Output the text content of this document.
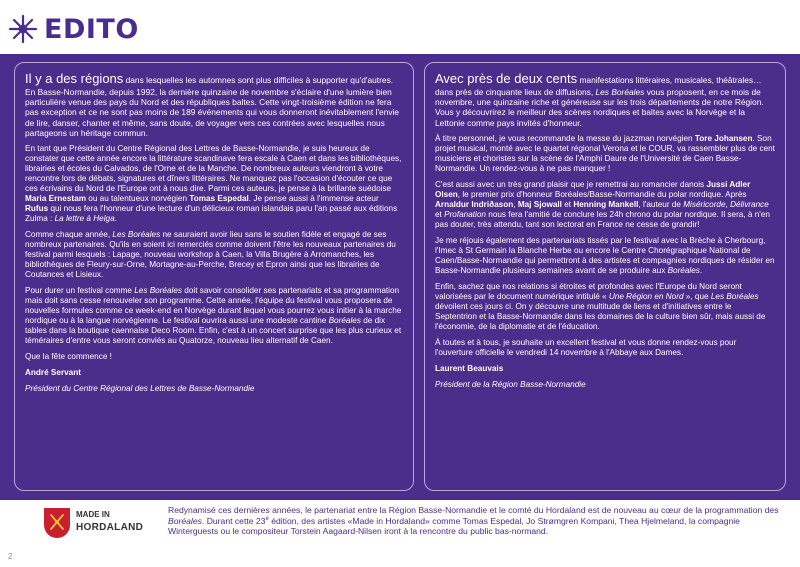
EDITO

Il y a des régions dans lesquelles les automnes sont plus difficiles à supporter qu'd'autres. En Basse-Normandie, depuis 1992, la dernière quinzaine de novembre s'éclaire d'une lumière bien particulière venue des pays du Nord et des républiques baltes. Cette vingt-troisième édition ne fera pas exception et ce ne sont pas moins de 189 événements qui vous donneront inévitablement l'envie de lire, danser, chanter et même, sans doute, de voyager vers ces contrées avec lesquelles nous partageons un héritage commun.

En tant que Président du Centre Régional des Lettres de Basse-Normandie, je suis heureux de constater que cette année encore la littérature scandinave fera escale à Caen et dans les bibliothèques, librairies et écoles du Calvados, de l'Orne et de la Manche. De nombreux auteurs viendront à votre rencontre lors de débats, signatures et dîners littéraires. Ne manquez pas l'occasion d'écouter ce que ces écrivains du Nord de l'Europe ont à nous dire. Parmi ces auteurs, je pense à la brillante suédoise Maria Ernestam ou au talentueux norvégien Tomas Espedal. Je pense aussi à l'immense acteur Rufus qui nous fera l'honneur d'une lecture d'un délicieux roman islandais paru l'an passé aux éditions Zulma : La lettre à Helga.

Comme chaque année, Les Boréales ne sauraient avoir lieu sans le soutien fidèle et engagé de ses nombreux partenaires. Qu'ils en soient ici remerciés comme doivent l'être les nouveaux partenaires du festival parmi lesquels : Lapage, nouveau workshop à Caen, la Villa Brugère à Arromanches, les bibliothèques de Fleury-sur-Orne, Mortagne-au-Perche, Brecey et Epron ainsi que les librairies de Coutances et Lisieux.

Pour durer un festival comme Les Boréales doit savoir consolider ses partenariats et sa programmation mais doit sans cesse renouveler son programme. Cette année, l'équipe du festival vous proposera de nouvelles formules comme ce week-end en Norvège durant lequel vous pourrez vous initier à la marche nordique ou à la langue norvégienne. Le festival ouvrira aussi une modeste cantine Boréales de dix tables dans la boutique caennaise Deco Room. Enfin, c'est à un concert surprise que les plus curieux et téméraires d'entre vous seront conviés au Quatorze, nouveau lieu alternatif de Caen.

Que la fête commence !

André Servant

Président du Centre Régional des Lettres de Basse-Normandie

Avec près de deux cents manifestations littéraires, musicales, théâtrales… dans près de cinquante lieux de diffusions, Les Boréales vous proposent, en ce mois de novembre, une quinzaine riche et généreuse sur les trois départements de notre Région. Vous y découvrirez le meilleur des scènes nordiques et baltes avec la Norvège et la Lettonie comme pays invités d'honneur.

À titre personnel, je vous recommande la messe du jazzman norvégien Tore Johansen. Son projet musical, monté avec le quartet régional Verona et le COUR, va rassembler plus de cent musiciens et choristes sur la scène de l'Amphi Daure de l'Université de Caen Basse-Normandie. Un rendez-vous à ne pas manquer !

C'est aussi avec un très grand plaisir que je remettrai au romancier danois Jussi Adler Olsen, le premier prix d'honneur Boréales/Basse-Normandie du polar nordique. Après Arnaldur Indriðason, Maj Sjowall et Henning Mankell, l'auteur de Miséricorde, Délivrance et Profanation nous fera l'amitié de conclure les 24h chrono du polar nordique. Il sera, à n'en pas douter, très attendu, tant son lectorat en France ne cesse de grandir!

Je me réjouis également des partenariats tissés par le festival avec la Brèche à Cherbourg, l'Imec à St Germain la Blanche Herbe ou encore le Centre Chorégraphique National de Caen/Basse-Normandie qui permettront à des artistes et compagnies nordiques de résider en Basse-Normandie plusieurs semaines avant de se produire aux Boréales.

Enfin, sachez que nos relations si étroites et profondes avec l'Europe du Nord seront valorisées par le document numérique intitulé « Une Région en Nord », que Les Boréales dévoilent ces jours ci. On y découvre une multitude de liens et d'initiatives entre le Septentrion et la Basse-Normandie dans les domaines de la culture bien sûr, mais aussi de l'économie, de la diplomatie et de l'éducation.

À toutes et à tous, je souhaite un excellent festival et vous donne rendez-vous pour l'ouverture officielle le vendredi 14 novembre à l'Abbaye aux Dames.

Laurent Beauvais

Président de la Région Basse-Normandie

MADE IN
HORDALAND
Redynamisé ces dernières années, le partenariat entre la Région Basse-Normandie et le comté du Hordaland est de nouveau au cœur de la programmation des Boréales. Durant cette 23e édition, des artistes «Made in Hordaland» comme Tomas Espedal, Jo Strømgren Kompani, Thea Hjelmeland, la compagnie Winterguests ou le compositeur Torstein Aagaard-Nilsen iront à la rencontre du public bas-normand.
2
